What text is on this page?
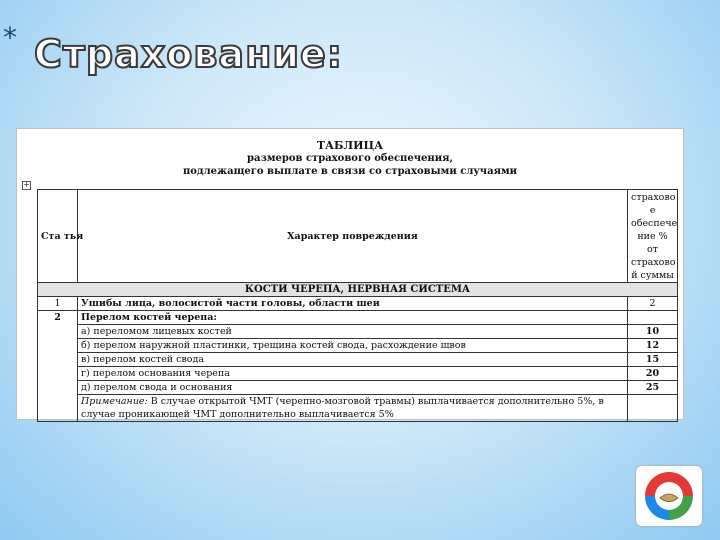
* Страхование:
ТАБЛИЦА
размеров страхового обеспечения,
подлежащего выплате в связи со страховыми случаями
+
Ста тья	Характер повреждения	страхово е обеспече ние % от страхово й суммы
КОСТИ ЧЕРЕПА, НЕРВНАЯ СИСТЕМА		
1	Ушибы лица, волосистой части головы, области шеи	2
2	Перелом костей черепа:	
	а) переломом лицевых костей	10
	б) перелом наружной пластинки, трещина костей свода, расхождение швов	12
	в) перелом костей свода	15
	г) перелом основания черепа	20
	д) перелом свода и основания	25
	Примечание: В случае открытой ЧМТ (черепно-мозговой травмы) выплачивается дополнительно 5%, в случае проникающей ЧМТ дополнительно выплачивается 5%	
